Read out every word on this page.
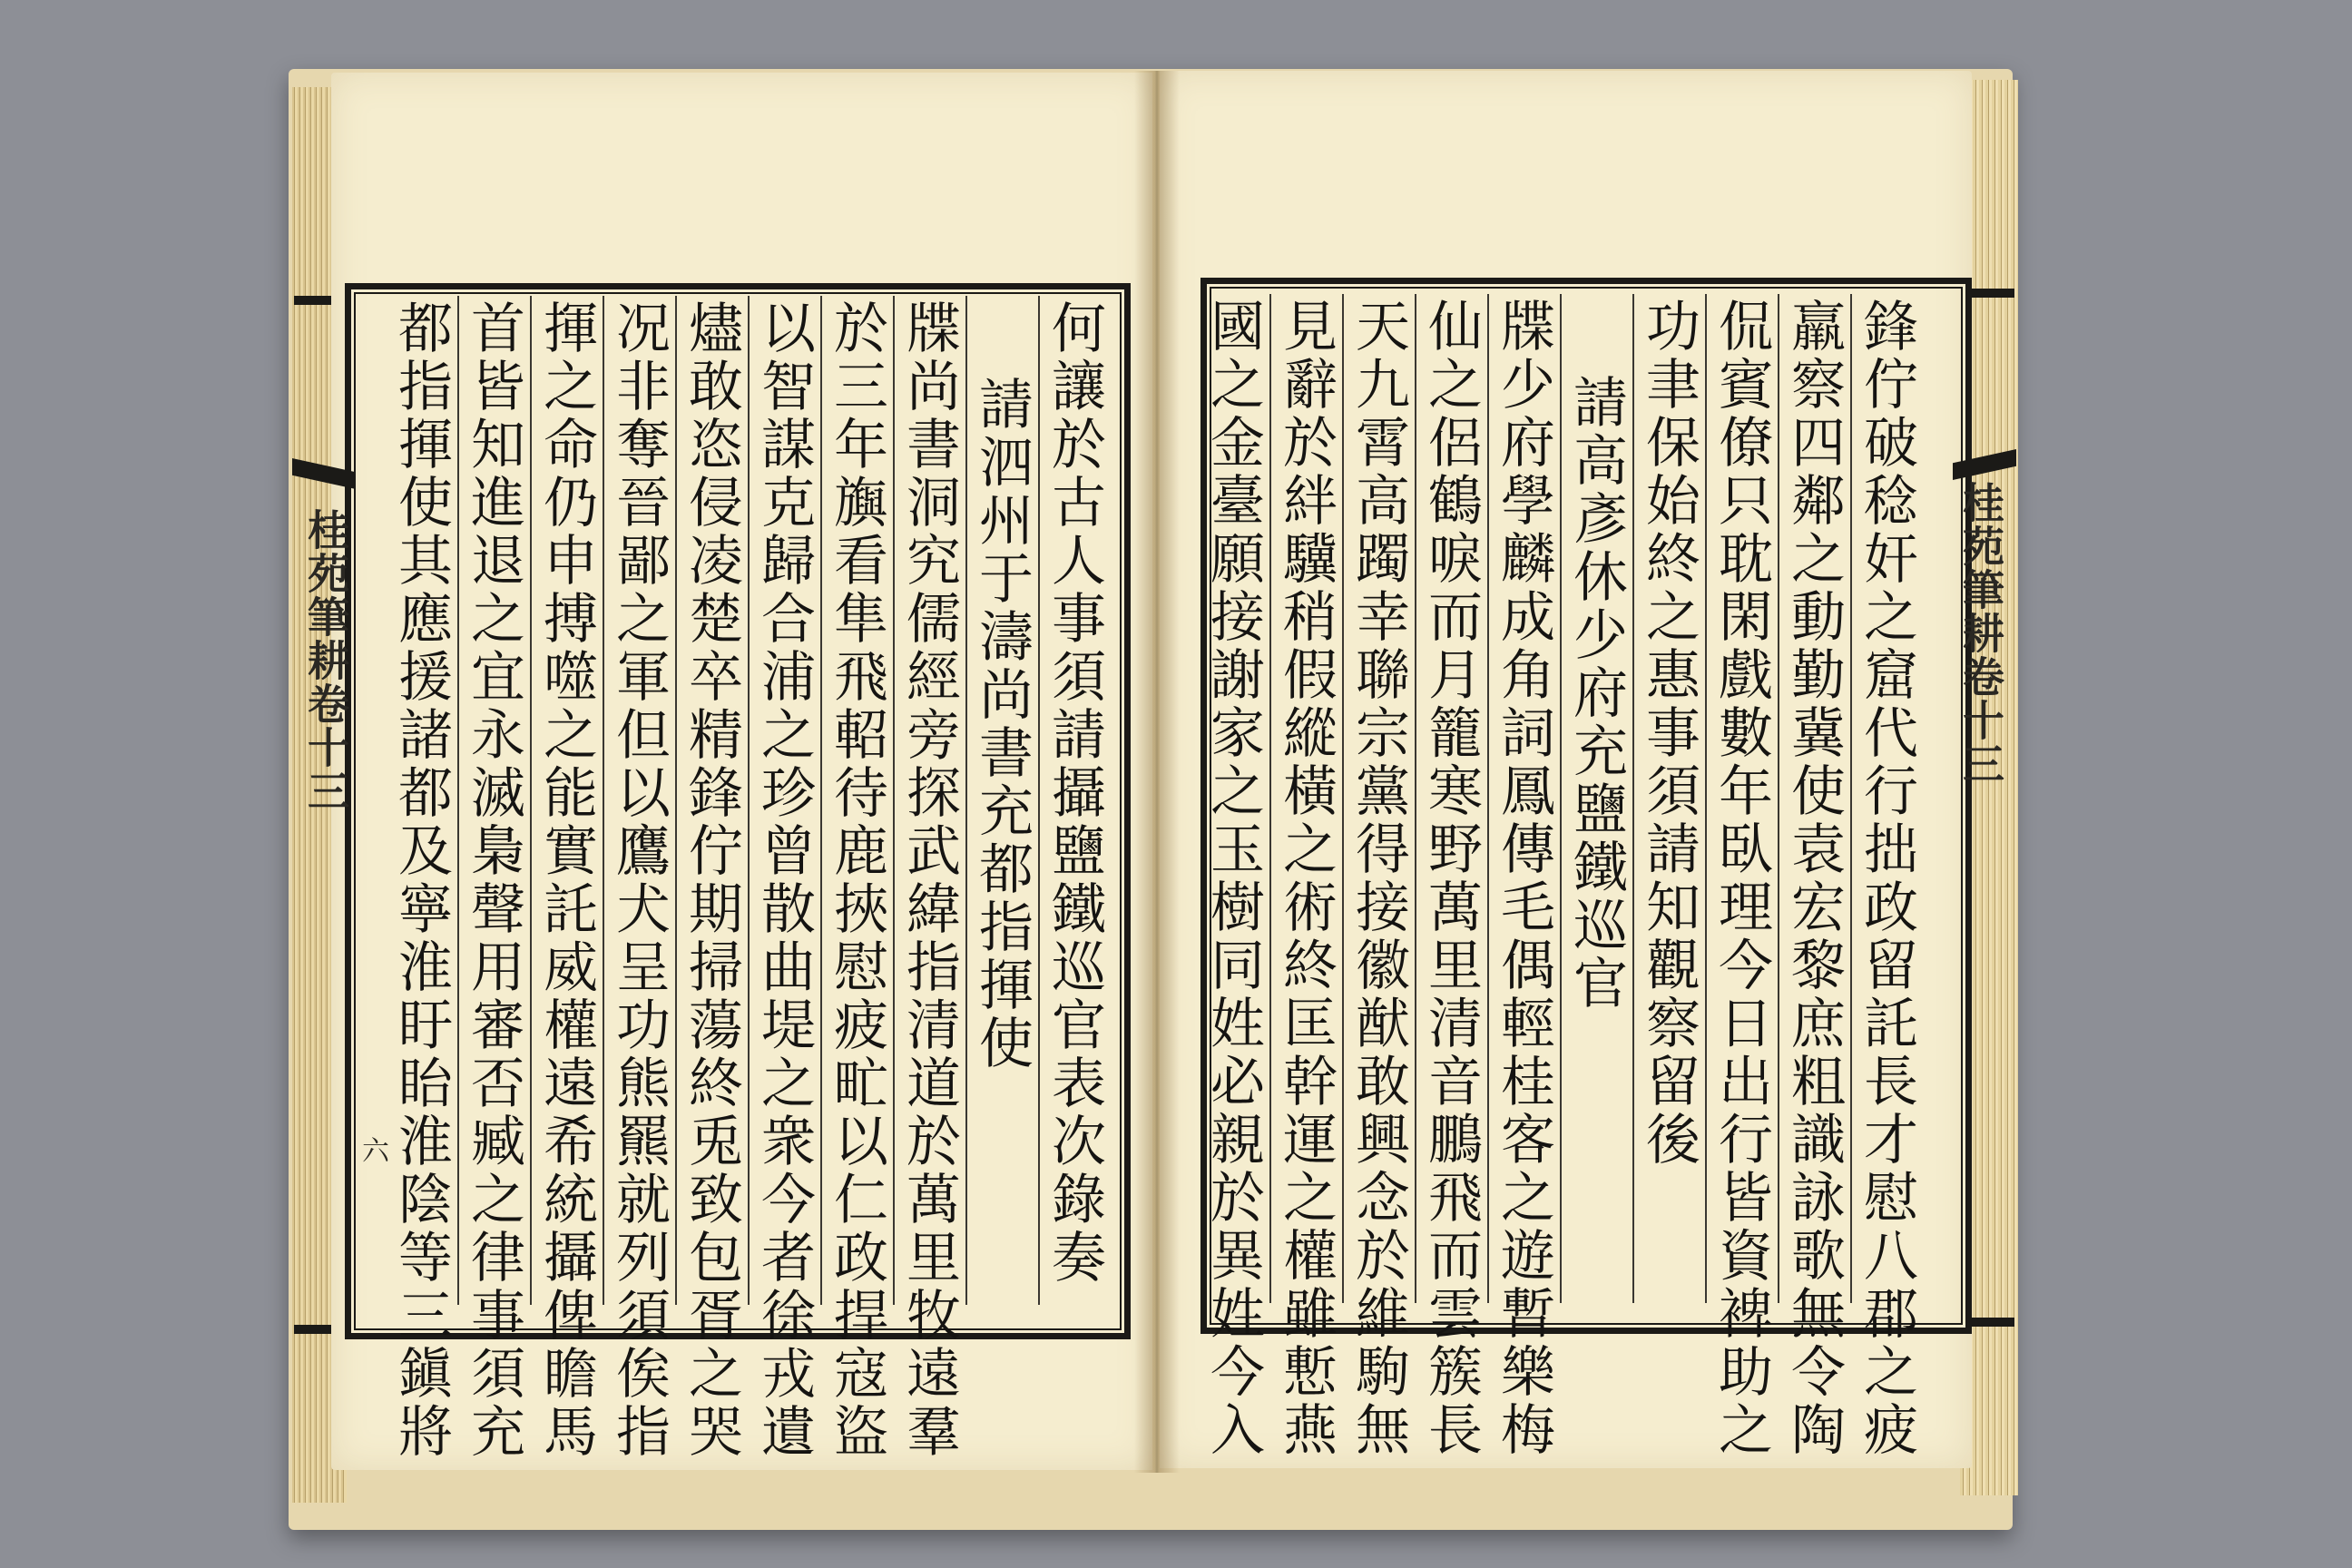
桂苑筆耕卷十三	桂苑筆耕卷十三
六	何讓於古人事須請攝鹽鐵巡官表次錄奏
請泗州于濤尚書充都指揮使
牒尚書洞究儒經旁探武緯指清道於萬里牧遠羣
於三年旟看隼飛軺待鹿挾慰疲甿以仁政捍寇盜
以智謀克歸合浦之珍曾散曲堤之衆今者徐戎遺
燼敢恣侵凌楚卒精鋒佇期掃蕩終兎致包胥之哭
况非奪晉鄙之軍但以鷹犬呈功熊羆就列須俟指
揮之命仍申搏噬之能實託威權遠希統攝俾瞻馬
首皆知進退之宜永滅梟聲用審否臧之律事須充
都指揮使其應援諸都及寧淮盱眙淮陰等三鎭將	鋒佇破稔奸之窟代行拙政留託長才慰八郡之疲
羸察四鄰之動勤冀使袁宏黎庶粗識詠歌無令陶
侃賓僚只耽閑戲數年臥理今日出行皆資裨助之
功聿保始終之惠事須請知觀察留後
請高彥休少府充鹽鐵巡官
牒少府學麟成角詞鳳傳毛偶輕桂客之遊暫樂梅
仙之侶鶴唳而月籠寒野萬里清音鵬飛而雲簇長
天九霄高躅幸聯宗黨得接徽猷敢興念於維駒無
見辭於絆驥稍假縱橫之術終匡幹運之權雖慙燕
國之金臺願接謝家之玉樹同姓必親於異姓今入
